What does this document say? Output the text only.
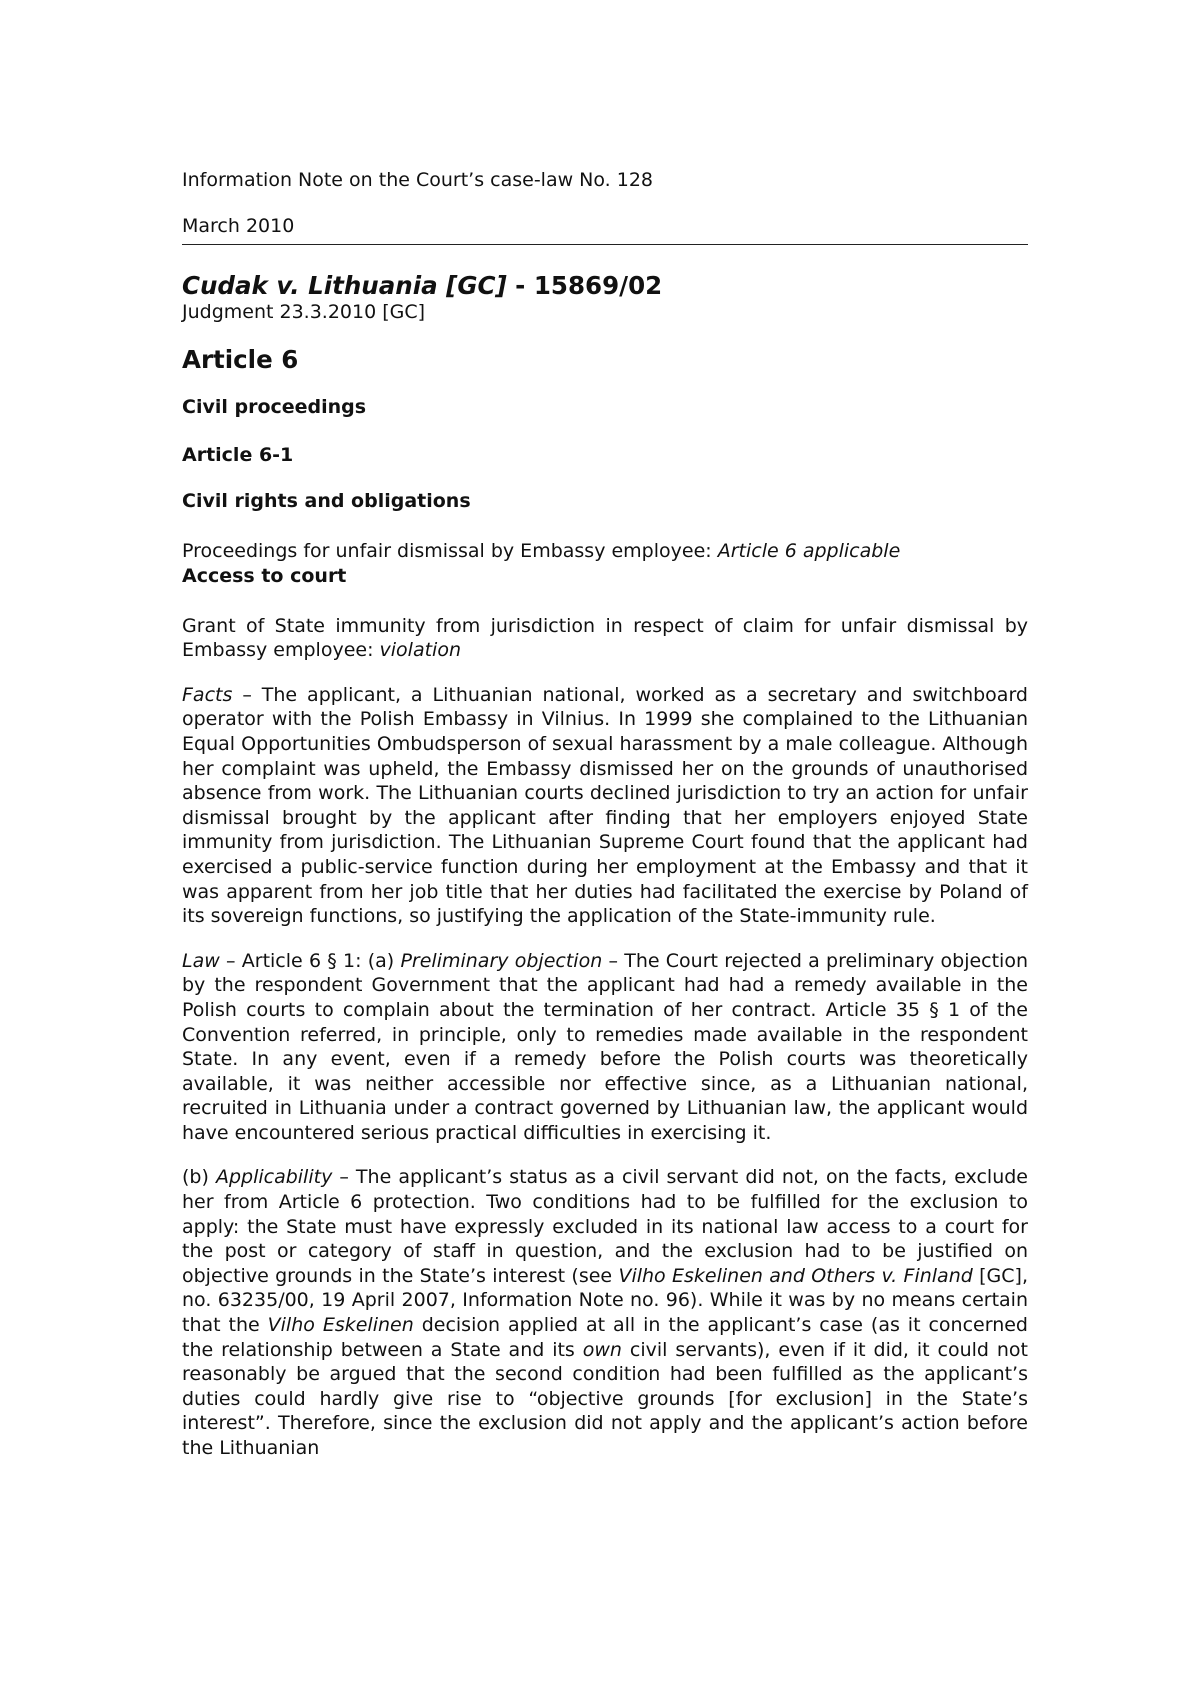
Information Note on the Court’s case-law No. 128
March 2010
Cudak v. Lithuania [GC] - 15869/02
Judgment 23.3.2010 [GC]
Article 6
Civil proceedings
Article 6-1
Civil rights and obligations

Proceedings for unfair dismissal by Embassy employee: Article 6 applicable

Access to court

Grant of State immunity from jurisdiction in respect of claim for unfair dismissal by Embassy employee: violation

Facts – The applicant, a Lithuanian national, worked as a secretary and switchboard operator with the Polish Embassy in Vilnius. In 1999 she complained to the Lithuanian Equal Opportunities Ombudsperson of sexual harassment by a male colleague. Although her complaint was upheld, the Embassy dismissed her on the grounds of unauthorised absence from work. The Lithuanian courts declined jurisdiction to try an action for unfair dismissal brought by the applicant after finding that her employers enjoyed State immunity from jurisdiction. The Lithuanian Supreme Court found that the applicant had exercised a public-service function during her employment at the Embassy and that it was apparent from her job title that her duties had facilitated the exercise by Poland of its sovereign functions, so justifying the application of the State-immunity rule.

Law – Article 6 § 1: (a) Preliminary objection – The Court rejected a preliminary objection by the respondent Government that the applicant had had a remedy available in the Polish courts to complain about the termination of her contract. Article 35 § 1 of the Convention referred, in principle, only to remedies made available in the respondent State. In any event, even if a remedy before the Polish courts was theoretically available, it was neither accessible nor effective since, as a Lithuanian national, recruited in Lithuania under a contract governed by Lithuanian law, the applicant would have encountered serious practical difficulties in exercising it.

(b) Applicability – The applicant’s status as a civil servant did not, on the facts, exclude her from Article 6 protection. Two conditions had to be fulfilled for the exclusion to apply: the State must have expressly excluded in its national law access to a court for the post or category of staff in question, and the exclusion had to be justified on objective grounds in the State’s interest (see Vilho Eskelinen and Others v. Finland [GC], no. 63235/00, 19 April 2007, Information Note no. 96). While it was by no means certain that the Vilho Eskelinen decision applied at all in the applicant’s case (as it concerned the relationship between a State and its own civil servants), even if it did, it could not reasonably be argued that the second condition had been fulfilled as the applicant’s duties could hardly give rise to “objective grounds [for exclusion] in the State’s interest”. Therefore, since the exclusion did not apply and the applicant’s action before the Lithuanian
